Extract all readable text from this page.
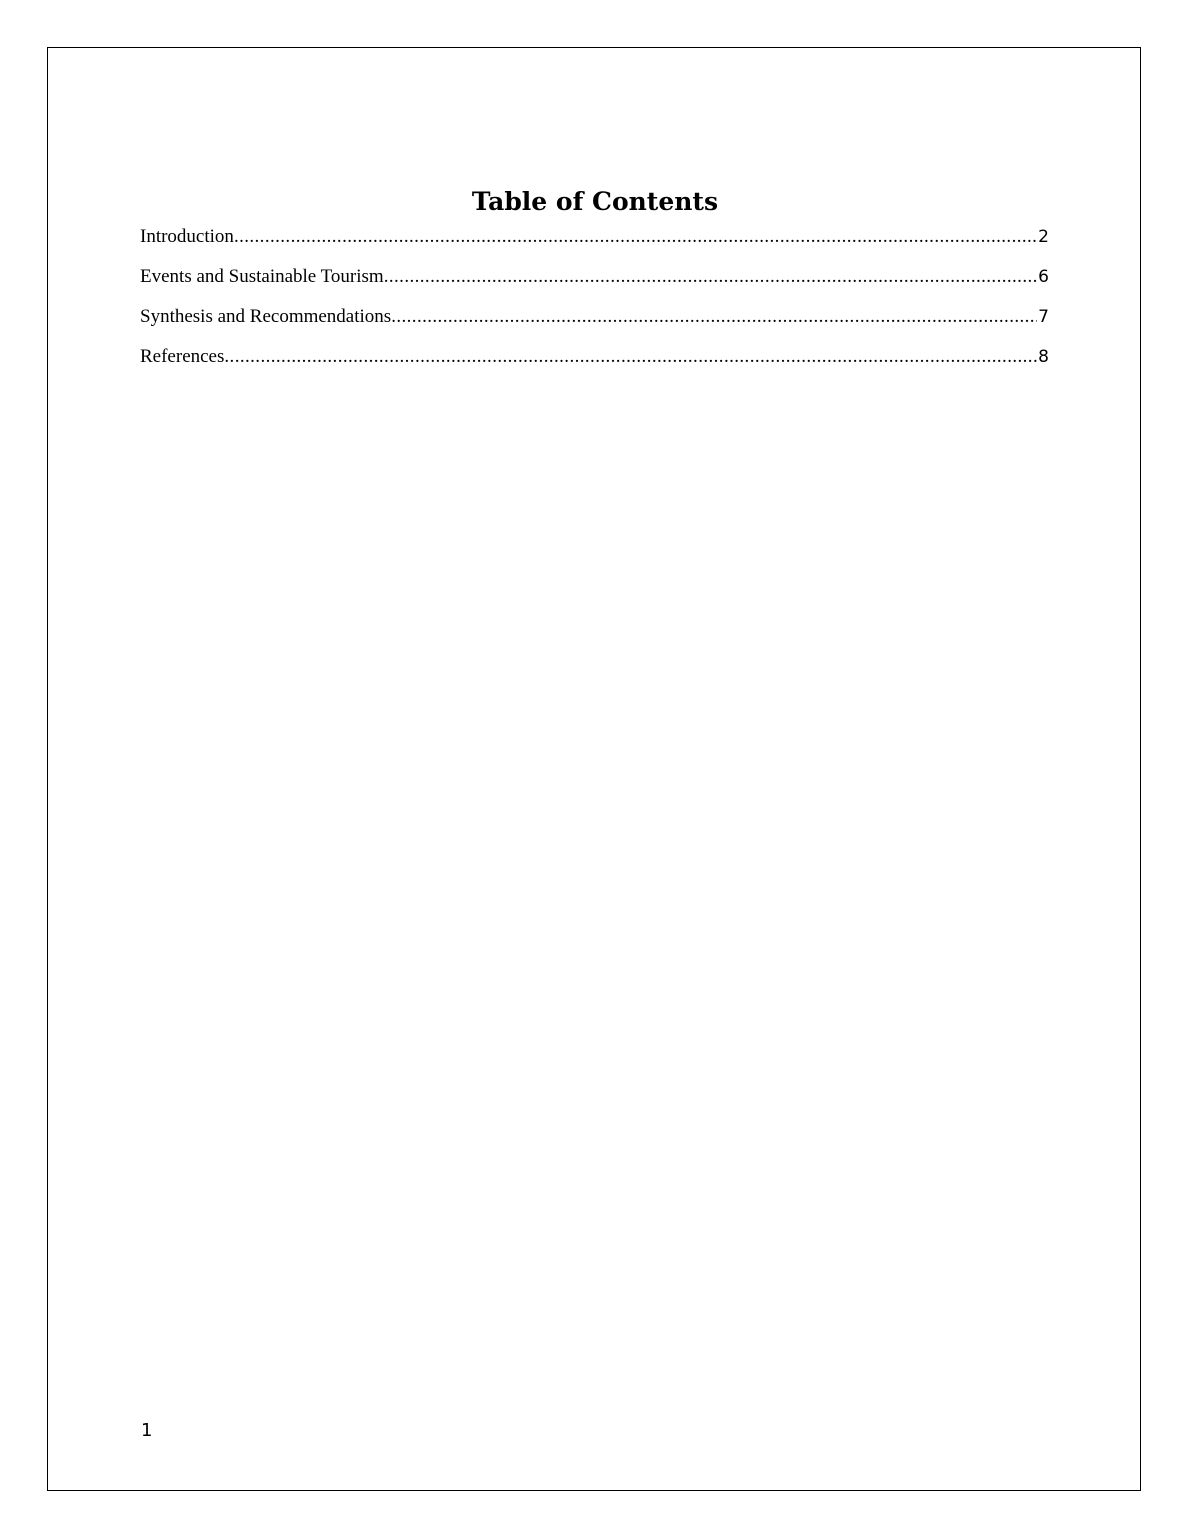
Table of Contents
Introduction .....	2
Events and Sustainable Tourism .....	6
Synthesis and Recommendations .....	7
References .....	8
1
